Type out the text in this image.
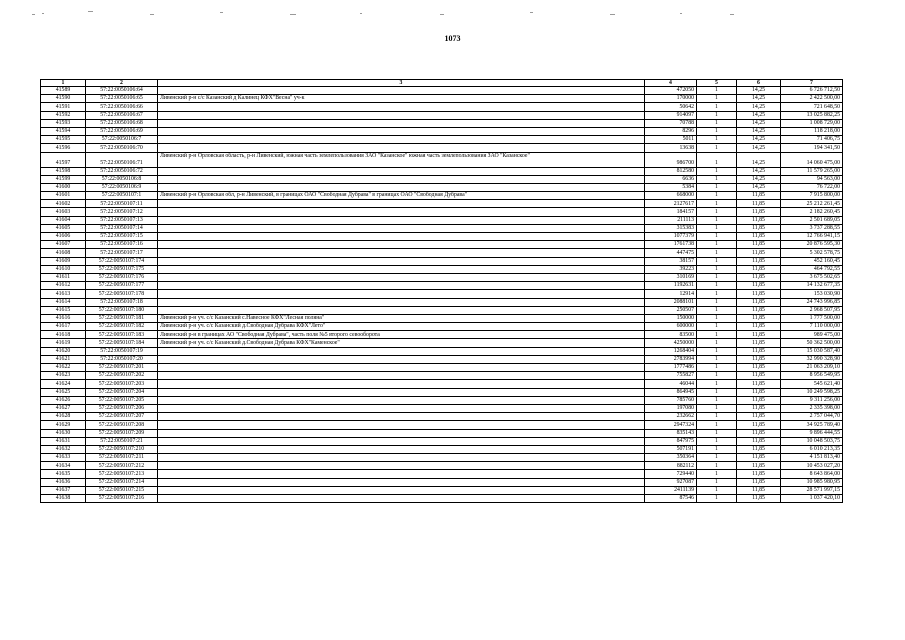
1073
1	2	3	4	5	6	7
41589	57:22:0050106:64		472050	1	14,25	6 726 712,50
41590	57:22:0050106:65	Ливенский р-н с/с Казанский д Калинец КФХ"Весна" уч-к	170000	1	14,25	2 422 500,00
41591	57:22:0050106:66		50642	1	14,25	721 648,50
41592	57:22:0050106:67		914097	1	14,25	13 025 882,25
41593	57:22:0050106:68		70788	1	14,25	1 008 729,00
41594	57:22:0050106:69		8296	1	14,25	118 218,00
41595	57:22:0050106:7		5011	1	14,25	71 406,75
41596	57:22:0050106:70		13638	1	14,25	194 341,50
41597	57:22:0050106:71	Ливенский р-н Орловская область, р-н Ливенский, южная часть землепользования ЗАО "Казанское" южная часть землепользования ЗАО "Казанское"	986700	1	14,25	14 060 475,00
41598	57:22:0050106:72		812580	1	14,25	11 579 265,00
41599	57:22:0050106:8		6636	1	14,25	94 563,00
41600	57:22:0050106:9		5384	1	14,25	76 722,00
41601	57:22:0050107:1	Ливенский р-н Орловская обл, р-н Ливенский, в границах ОАО "Свободная Дубрава" в границах ОАО "Свободная Дубрава"	668000	1	11,85	7 915 800,00
41602	57:22:0050107:11		2127617	1	11,85	25 212 261,45
41603	57:22:0050107:12		184157	1	11,85	2 182 260,45
41604	57:22:0050107:13		211113	1	11,85	2 501 689,05
41605	57:22:0050107:14		315383	1	11,85	3 737 288,55
41606	57:22:0050107:15		1077379	1	11,85	12 766 941,15
41607	57:22:0050107:16		1761738	1	11,85	20 876 595,30
41608	57:22:0050107:17		447475	1	11,85	5 302 578,75
41609	57:22:0050107:174		38157	1	11,85	452 160,45
41610	57:22:0050107:175		39223	1	11,85	464 792,55
41611	57:22:0050107:176		310169	1	11,85	3 675 502,65
41612	57:22:0050107:177		1192631	1	11,85	14 132 677,35
41613	57:22:0050107:178		12914	1	11,85	153 030,90
41614	57:22:0050107:18		2088101	1	11,85	24 743 996,85
41615	57:22:0050107:180		250507	1	11,85	2 968 507,95
41616	57:22:0050107:181	Ливенский р-н уч. с/с Казанский с.Навесное КФХ"Лесная поляна"	150000	1	11,85	1 777 500,00
41617	57:22:0050107:182	Ливенский р-н уч. с/с Казанский д.Свободная Дубрава КФХ"Лето"	600000	1	11,85	7 110 000,00
41618	57:22:0050107:183	Ливенский р-н в границах АО "Свободная Дубрава", часть поля №5 второго севооборота	83500	1	11,85	989 475,00
41619	57:22:0050107:184	Ливенский р-н уч. с/с Казанский д.Свободная Дубрава КФХ"Каменское"	4250000	1	11,85	50 362 500,00
41620	57:22:0050107:19		1268404	1	11,85	15 030 587,40
41621	57:22:0050107:20		2783994	1	11,85	32 990 328,90
41622	57:22:0050107:201		1777486	1	11,85	21 063 209,10
41623	57:22:0050107:202		755827	1	11,85	8 956 549,95
41624	57:22:0050107:203		46044	1	11,85	545 621,40
41625	57:22:0050107:204		864945	1	11,85	10 249 598,25
41626	57:22:0050107:205		785760	1	11,85	9 311 256,00
41627	57:22:0050107:206		197080	1	11,85	2 335 398,00
41628	57:22:0050107:207		232662	1	11,85	2 757 044,70
41629	57:22:0050107:208		2947324	1	11,85	34 925 789,40
41630	57:22:0050107:209		835143	1	11,85	9 896 444,55
41631	57:22:0050107:21		847975	1	11,85	10 048 503,75
41632	57:22:0050107:210		507191	1	11,85	6 010 213,35
41633	57:22:0050107:211		350364	1	11,85	4 151 813,40
41634	57:22:0050107:212		882112	1	11,85	10 453 027,20
41635	57:22:0050107:213		729440	1	11,85	8 643 864,00
41636	57:22:0050107:214		927087	1	11,85	10 985 980,95
41637	57:22:0050107:215		2411139	1	11,85	28 571 997,15
41638	57:22:0050107:216		87546	1	11,85	1 037 420,10
